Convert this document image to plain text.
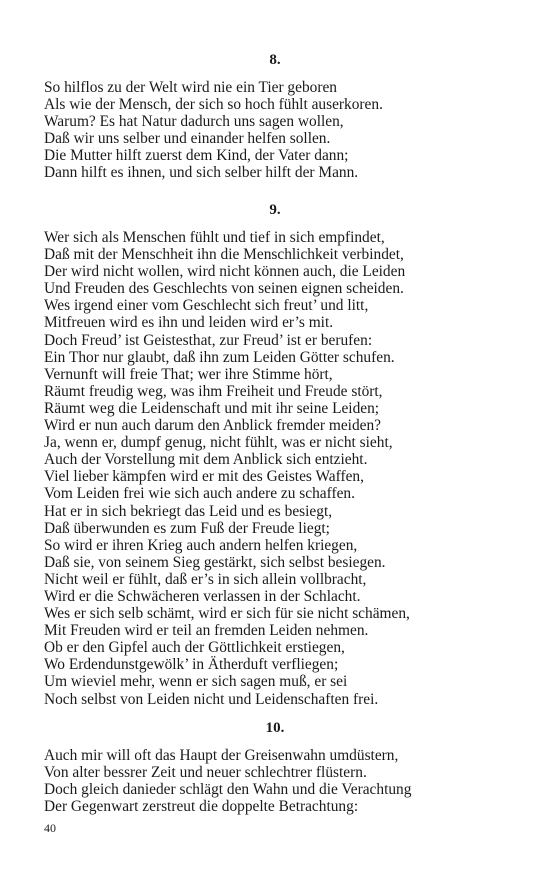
8.
So hilflos zu der Welt wird nie ein Tier geboren
Als wie der Mensch, der sich so hoch fühlt auserkoren.
Warum? Es hat Natur dadurch uns sagen wollen,
Daß wir uns selber und einander helfen sollen.
Die Mutter hilft zuerst dem Kind, der Vater dann;
Dann hilft es ihnen, und sich selber hilft der Mann.
9.
Wer sich als Menschen fühlt und tief in sich empfindet,
Daß mit der Menschheit ihn die Menschlichkeit verbindet,
Der wird nicht wollen, wird nicht können auch, die Leiden
Und Freuden des Geschlechts von seinen eignen scheiden.
Wes irgend einer vom Geschlecht sich freut’ und litt,
Mitfreuen wird es ihn und leiden wird er’s mit.
Doch Freud’ ist Geistesthat, zur Freud’ ist er berufen:
Ein Thor nur glaubt, daß ihn zum Leiden Götter schufen.
Vernunft will freie That; wer ihre Stimme hört,
Räumt freudig weg, was ihm Freiheit und Freude stört,
Räumt weg die Leidenschaft und mit ihr seine Leiden;
Wird er nun auch darum den Anblick fremder meiden?
Ja, wenn er, dumpf genug, nicht fühlt, was er nicht sieht,
Auch der Vorstellung mit dem Anblick sich entzieht.
Viel lieber kämpfen wird er mit des Geistes Waffen,
Vom Leiden frei wie sich auch andere zu schaffen.
Hat er in sich bekriegt das Leid und es besiegt,
Daß überwunden es zum Fuß der Freude liegt;
So wird er ihren Krieg auch andern helfen kriegen,
Daß sie, von seinem Sieg gestärkt, sich selbst besiegen.
Nicht weil er fühlt, daß er’s in sich allein vollbracht,
Wird er die Schwächeren verlassen in der Schlacht.
Wes er sich selb schämt, wird er sich für sie nicht schämen,
Mit Freuden wird er teil an fremden Leiden nehmen.
Ob er den Gipfel auch der Göttlichkeit erstiegen,
Wo Erdendunstgewölk’ in Ätherduft verfliegen;
Um wieviel mehr, wenn er sich sagen muß, er sei
Noch selbst von Leiden nicht und Leidenschaften frei.
10.
Auch mir will oft das Haupt der Greisenwahn umdüstern,
Von alter bessrer Zeit und neuer schlechtrer flüstern.
Doch gleich danieder schlägt den Wahn und die Verachtung
Der Gegenwart zerstreut die doppelte Betrachtung:
40
